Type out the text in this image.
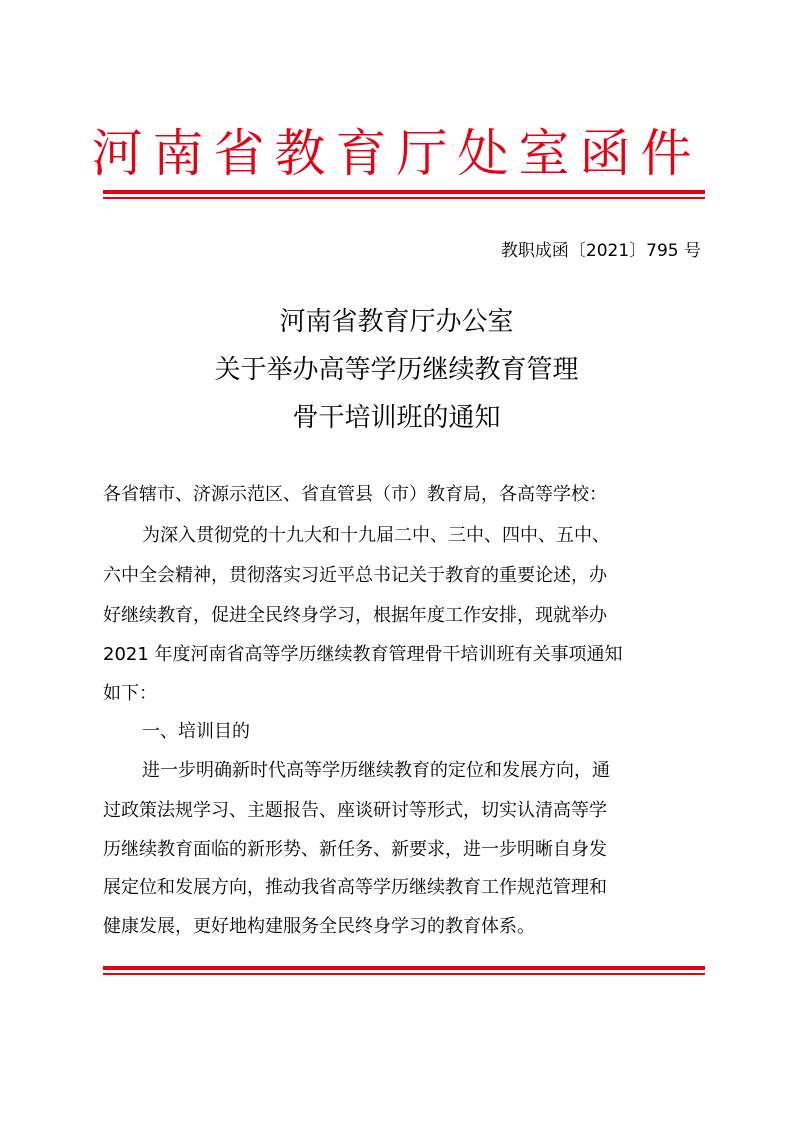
河南省教育厅处室函件
教职成函〔2021〕795 号
河南省教育厅办公室
关于举办高等学历继续教育管理
骨干培训班的通知
各省辖市、济源示范区、省直管县（市）教育局，各高等学校：
为深入贯彻党的十九大和十九届二中、三中、四中、五中、
六中全会精神，贯彻落实习近平总书记关于教育的重要论述，办
好继续教育，促进全民终身学习，根据年度工作安排，现就举办
2021 年度河南省高等学历继续教育管理骨干培训班有关事项通知
如下：
一、培训目的
进一步明确新时代高等学历继续教育的定位和发展方向，通
过政策法规学习、主题报告、座谈研讨等形式，切实认清高等学
历继续教育面临的新形势、新任务、新要求，进一步明晰自身发
展定位和发展方向，推动我省高等学历继续教育工作规范管理和
健康发展，更好地构建服务全民终身学习的教育体系。
